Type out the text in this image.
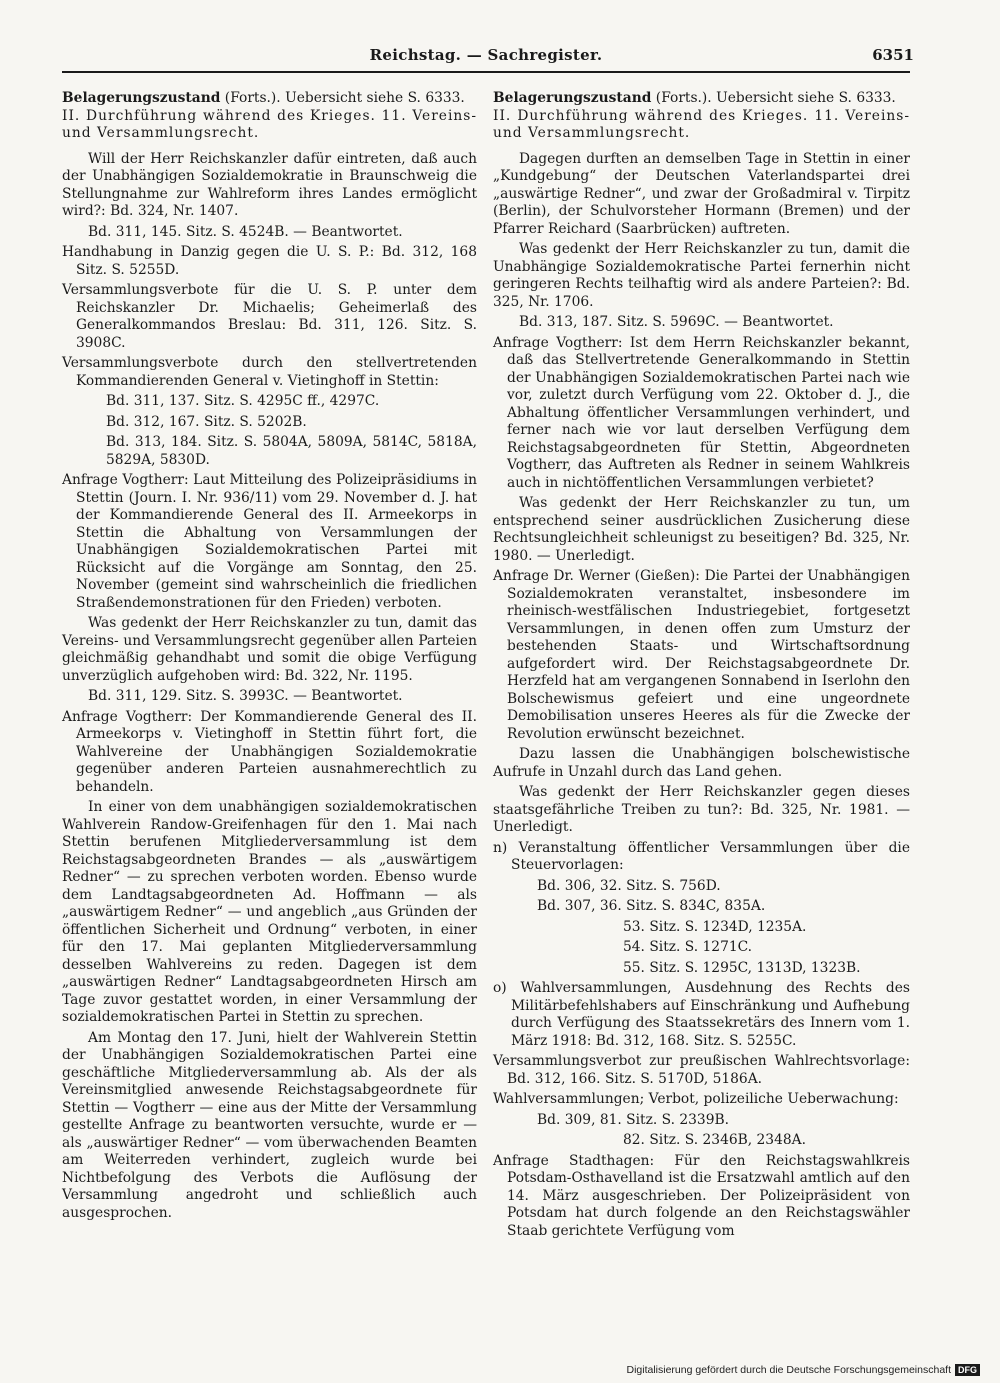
Reichstag. — Sachregister.	6351
Belagerungszustand (Forts.). Uebersicht siehe S. 6333.
II. Durchführung während des Krieges. 11. Vereins- und Versammlungsrecht.

Will der Herr Reichskanzler dafür eintreten, daß auch der Unabhängigen Sozialdemokratie in Braunschweig die Stellungnahme zur Wahlreform ihres Landes ermöglicht wird?: Bd. 324, Nr. 1407.

Bd. 311, 145. Sitz. S. 4524B. — Beantwortet.

Handhabung in Danzig gegen die U. S. P.: Bd. 312, 168 Sitz. S. 5255D.

Versammlungsverbote für die U. S. P. unter dem Reichskanzler Dr. Michaelis; Geheimerlaß des Generalkommandos Breslau: Bd. 311, 126. Sitz. S. 3908C.

Versammlungsverbote durch den stellvertretenden Kommandierenden General v. Vietinghoff in Stettin:

Bd. 311, 137. Sitz. S. 4295C ff., 4297C.

Bd. 312, 167. Sitz. S. 5202B.

Bd. 313, 184. Sitz. S. 5804A, 5809A, 5814C, 5818A, 5829A, 5830D.

Anfrage Vogtherr: Laut Mitteilung des Polizeipräsidiums in Stettin (Journ. I. Nr. 936/11) vom 29. November d. J. hat der Kommandierende General des II. Armeekorps in Stettin die Abhaltung von Versammlungen der Unabhängigen Sozialdemokratischen Partei mit Rücksicht auf die Vorgänge am Sonntag, den 25. November (gemeint sind wahrscheinlich die friedlichen Straßendemonstrationen für den Frieden) verboten.

Was gedenkt der Herr Reichskanzler zu tun, damit das Vereins- und Versammlungsrecht gegenüber allen Parteien gleichmäßig gehandhabt und somit die obige Verfügung unverzüglich aufgehoben wird: Bd. 322, Nr. 1195.

Bd. 311, 129. Sitz. S. 3993C. — Beantwortet.

Anfrage Vogtherr: Der Kommandierende General des II. Armeekorps v. Vietinghoff in Stettin führt fort, die Wahlvereine der Unabhängigen Sozialdemokratie gegenüber anderen Parteien ausnahmerechtlich zu behandeln.

In einer von dem unabhängigen sozialdemokratischen Wahlverein Randow-Greifenhagen für den 1. Mai nach Stettin berufenen Mitgliederversammlung ist dem Reichstagsabgeordneten Brandes — als „auswärtigem Redner“ — zu sprechen verboten worden. Ebenso wurde dem Landtagsabgeordneten Ad. Hoffmann — als „auswärtigem Redner“ — und angeblich „aus Gründen der öffentlichen Sicherheit und Ordnung“ verboten, in einer für den 17. Mai geplanten Mitgliederversammlung desselben Wahlvereins zu reden. Dagegen ist dem „auswärtigen Redner“ Landtagsabgeordneten Hirsch am Tage zuvor gestattet worden, in einer Versammlung der sozialdemokratischen Partei in Stettin zu sprechen.

Am Montag den 17. Juni, hielt der Wahlverein Stettin der Unabhängigen Sozialdemokratischen Partei eine geschäftliche Mitgliederversammlung ab. Als der als Vereinsmitglied anwesende Reichstagsabgeordnete für Stettin — Vogtherr — eine aus der Mitte der Versammlung gestellte Anfrage zu beantworten versuchte, wurde er — als „auswärtiger Redner“ — vom überwachenden Beamten am Weiterreden verhindert, zugleich wurde bei Nichtbefolgung des Verbots die Auflösung der Versammlung angedroht und schließlich auch ausgesprochen.

Belagerungszustand (Forts.). Uebersicht siehe S. 6333.
II. Durchführung während des Krieges. 11. Vereins- und Versammlungsrecht.

Dagegen durften an demselben Tage in Stettin in einer „Kundgebung“ der Deutschen Vaterlandspartei drei „auswärtige Redner“, und zwar der Großadmiral v. Tirpitz (Berlin), der Schulvorsteher Hormann (Bremen) und der Pfarrer Reichard (Saarbrücken) auftreten.

Was gedenkt der Herr Reichskanzler zu tun, damit die Unabhängige Sozialdemokratische Partei fernerhin nicht geringeren Rechts teilhaftig wird als andere Parteien?: Bd. 325, Nr. 1706.

Bd. 313, 187. Sitz. S. 5969C. — Beantwortet.

Anfrage Vogtherr: Ist dem Herrn Reichskanzler bekannt, daß das Stellvertretende Generalkommando in Stettin der Unabhängigen Sozialdemokratischen Partei nach wie vor, zuletzt durch Verfügung vom 22. Oktober d. J., die Abhaltung öffentlicher Versammlungen verhindert, und ferner nach wie vor laut derselben Verfügung dem Reichstagsabgeordneten für Stettin, Abgeordneten Vogtherr, das Auftreten als Redner in seinem Wahlkreis auch in nichtöffentlichen Versammlungen verbietet?

Was gedenkt der Herr Reichskanzler zu tun, um entsprechend seiner ausdrücklichen Zusicherung diese Rechtsungleichheit schleunigst zu beseitigen? Bd. 325, Nr. 1980. — Unerledigt.

Anfrage Dr. Werner (Gießen): Die Partei der Unabhängigen Sozialdemokraten veranstaltet, insbesondere im rheinisch-westfälischen Industriegebiet, fortgesetzt Versammlungen, in denen offen zum Umsturz der bestehenden Staats- und Wirtschaftsordnung aufgefordert wird. Der Reichstagsabgeordnete Dr. Herzfeld hat am vergangenen Sonnabend in Iserlohn den Bolschewismus gefeiert und eine ungeordnete Demobilisation unseres Heeres als für die Zwecke der Revolution erwünscht bezeichnet.

Dazu lassen die Unabhängigen bolschewistische Aufrufe in Unzahl durch das Land gehen.

Was gedenkt der Herr Reichskanzler gegen dieses staatsgefährliche Treiben zu tun?: Bd. 325, Nr. 1981. — Unerledigt.

n) Veranstaltung öffentlicher Versammlungen über die Steuervorlagen:

Bd. 306, 32. Sitz. S. 756D.

Bd. 307, 36. Sitz. S. 834C, 835A.

53. Sitz. S. 1234D, 1235A.

54. Sitz. S. 1271C.

55. Sitz. S. 1295C, 1313D, 1323B.

o) Wahlversammlungen, Ausdehnung des Rechts des Militärbefehlshabers auf Einschränkung und Aufhebung durch Verfügung des Staatssekretärs des Innern vom 1. März 1918: Bd. 312, 168. Sitz. S. 5255C.

Versammlungsverbot zur preußischen Wahlrechtsvorlage: Bd. 312, 166. Sitz. S. 5170D, 5186A.

Wahlversammlungen; Verbot, polizeiliche Ueberwachung:

Bd. 309, 81. Sitz. S. 2339B.

82. Sitz. S. 2346B, 2348A.

Anfrage Stadthagen: Für den Reichstagswahlkreis Potsdam-Osthavelland ist die Ersatzwahl amtlich auf den 14. März ausgeschrieben. Der Polizeipräsident von Potsdam hat durch folgende an den Reichstagswähler Staab gerichtete Verfügung vom

Digitalisierung gefördert durch die Deutsche Forschungsgemeinschaft DFG
